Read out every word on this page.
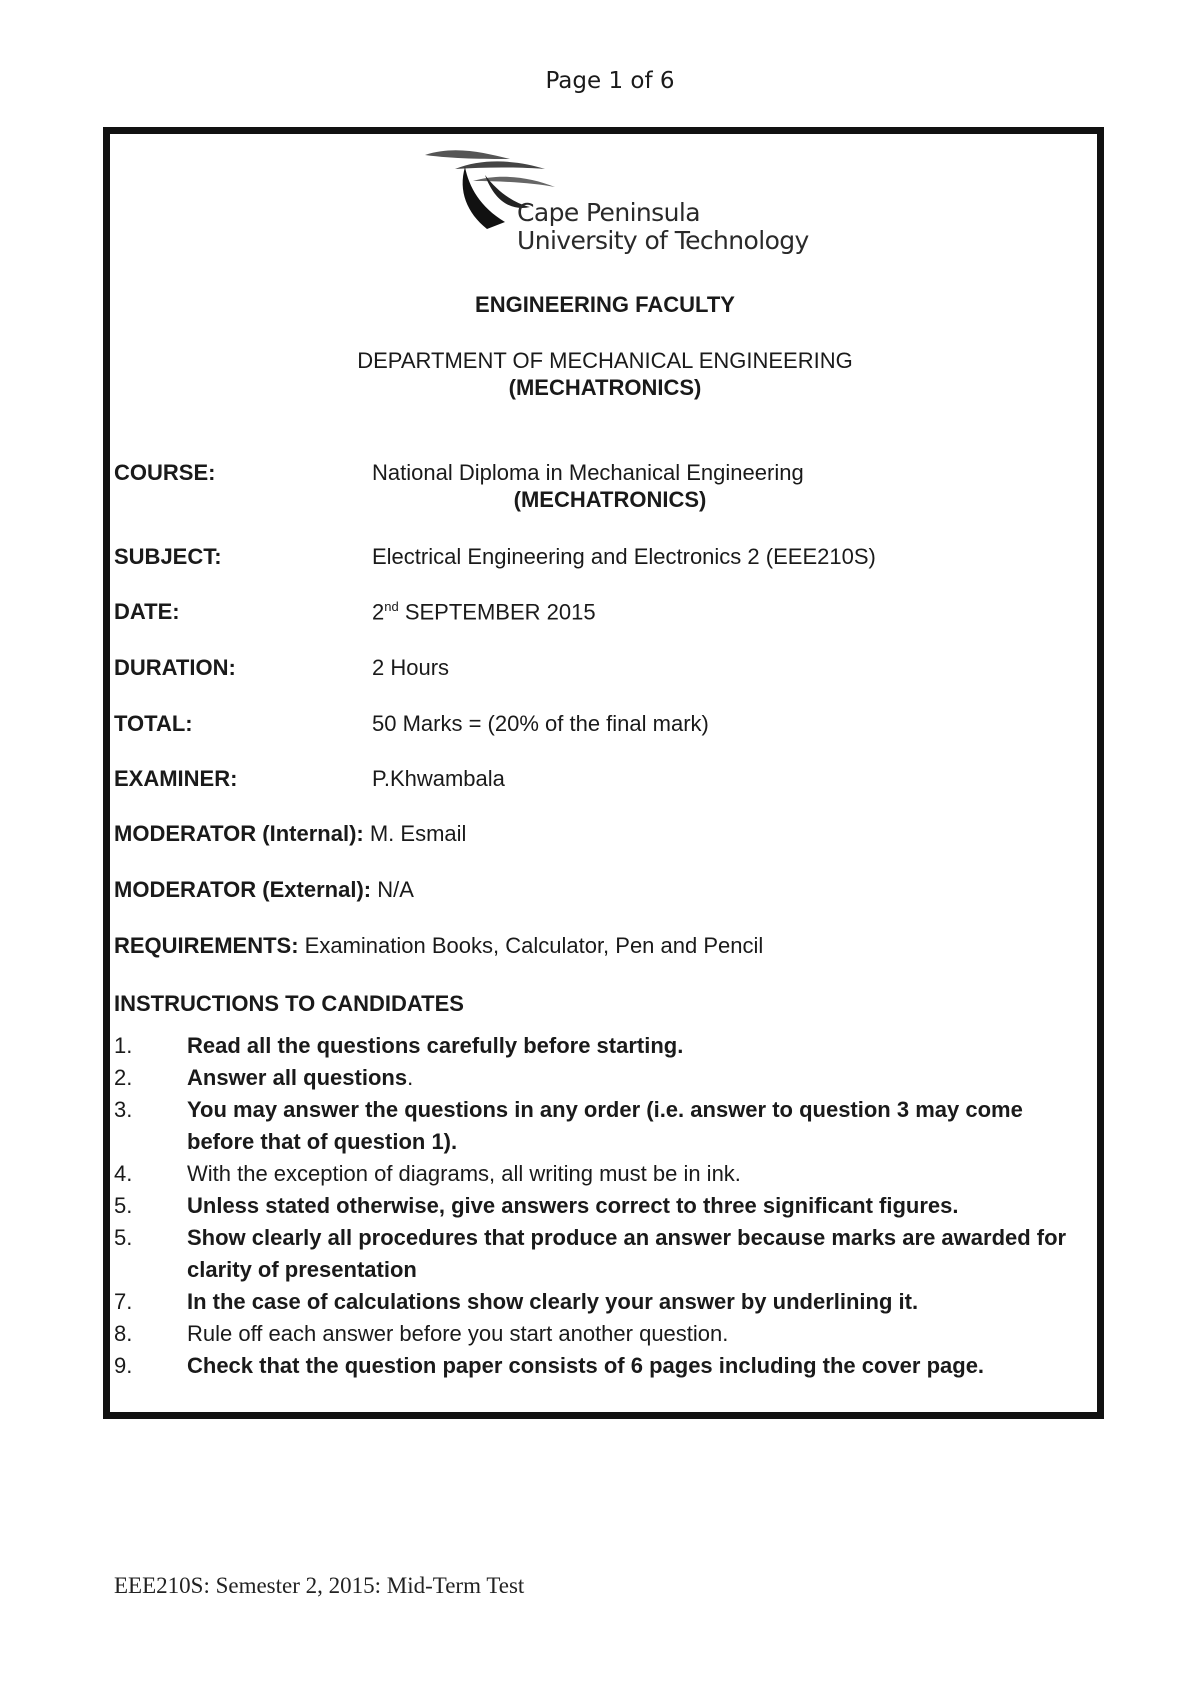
Page 1 of 6
Cape Peninsula
University of Technology
ENGINEERING FACULTY
DEPARTMENT OF MECHANICAL ENGINEERING
(MECHATRONICS)
COURSE:	National Diploma in Mechanical Engineering
(MECHATRONICS)
SUBJECT:	Electrical Engineering and Electronics 2 (EEE210S)
DATE:	2nd SEPTEMBER 2015
DURATION:	2 Hours
TOTAL:	50 Marks = (20% of the final mark)
EXAMINER:	P.Khwambala
MODERATOR (Internal): M. Esmail
MODERATOR (External): N/A
REQUIREMENTS: Examination Books, Calculator, Pen and Pencil
INSTRUCTIONS TO CANDIDATES
1. Read all the questions carefully before starting.
2. Answer all questions.
3. You may answer the questions in any order (i.e. answer to question 3 may come before that of question 1).
4. With the exception of diagrams, all writing must be in ink.
5. Unless stated otherwise, give answers correct to three significant figures.
5. Show clearly all procedures that produce an answer because marks are awarded for clarity of presentation
7. In the case of calculations show clearly your answer by underlining it.
8. Rule off each answer before you start another question.
9. Check that the question paper consists of 6 pages including the cover page.
EEE210S: Semester 2, 2015: Mid-Term Test
